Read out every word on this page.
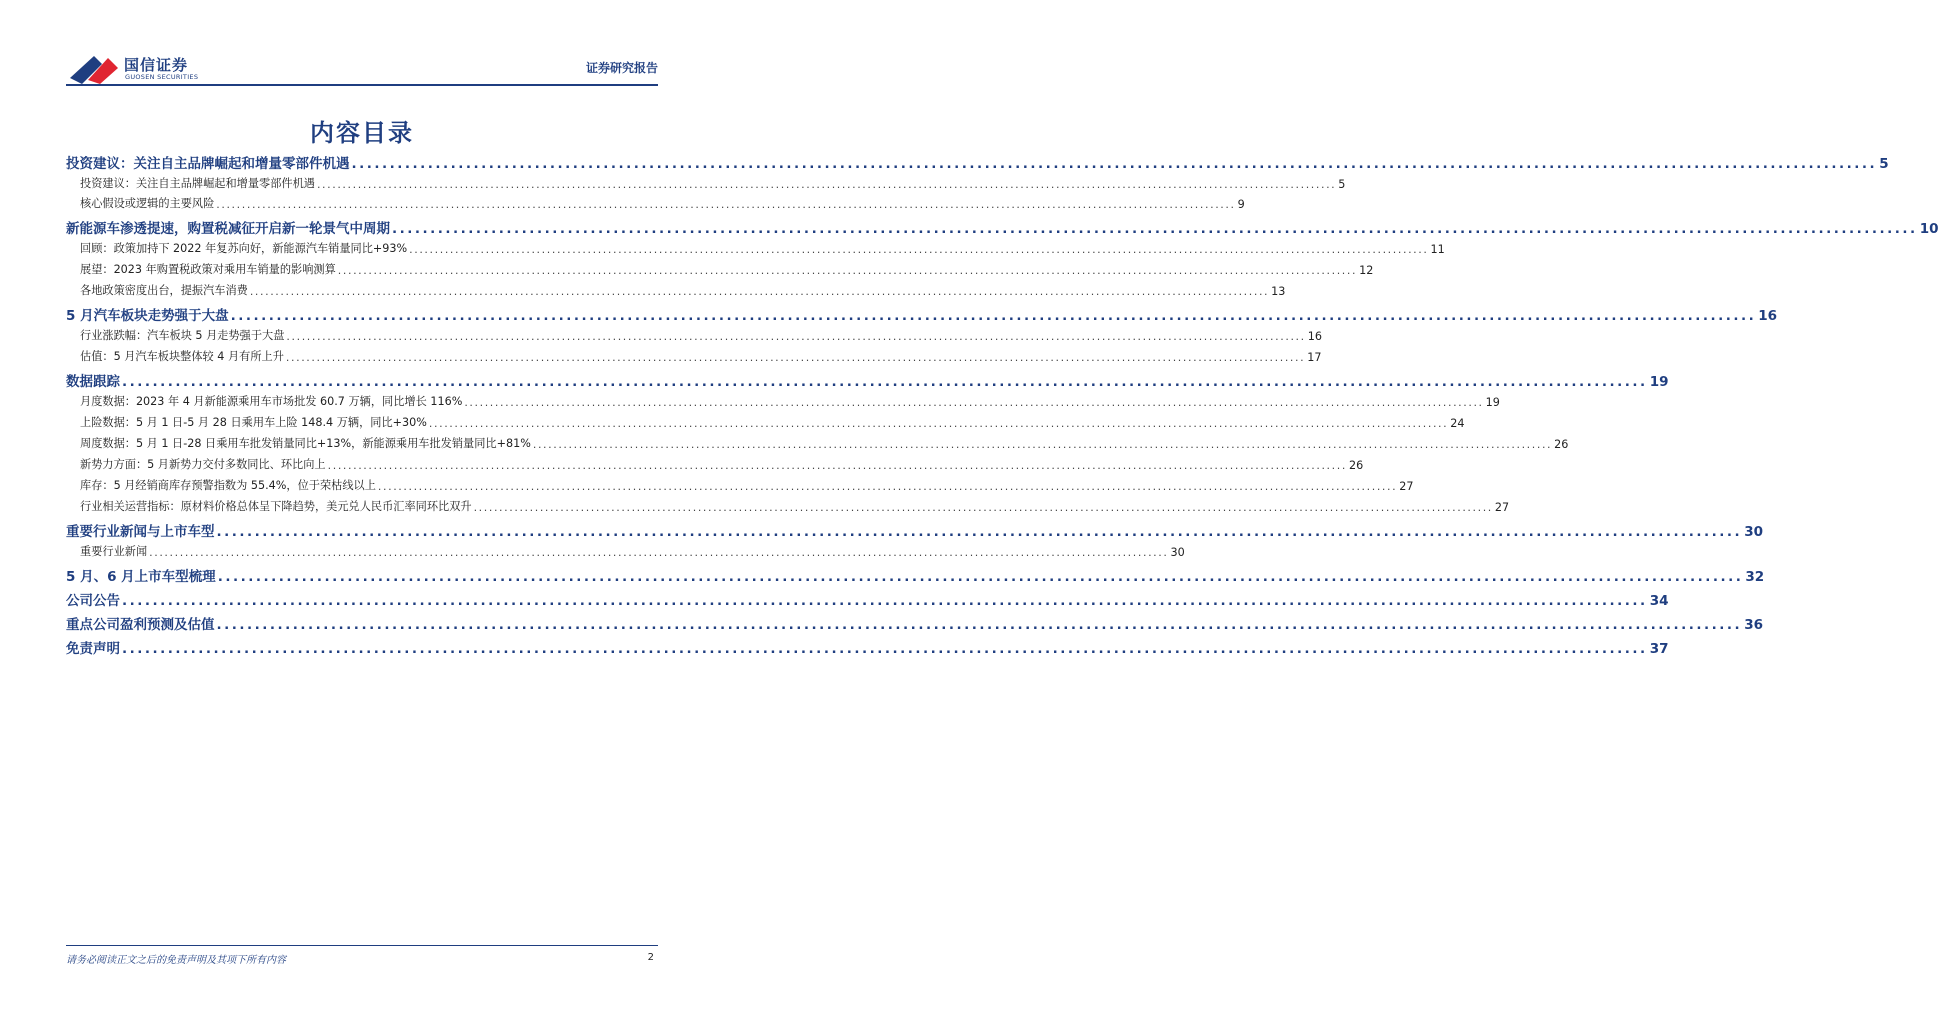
国信证券
GUOSEN SECURITIES
证券研究报告
内容目录
投资建议：关注自主品牌崛起和增量零部件机遇 ........................................................................................................................................................................................................ 5
投资建议：关注自主品牌崛起和增量零部件机遇 ........................................................................................................................................................................................................ 5
核心假设或逻辑的主要风险 ........................................................................................................................................................................................................ 9
新能源车渗透提速，购置税减征开启新一轮景气中周期 ........................................................................................................................................................................................................ 10
回顾：政策加持下 2022 年复苏向好，新能源汽车销量同比+93% ........................................................................................................................................................................................................ 11
展望：2023 年购置税政策对乘用车销量的影响测算 ........................................................................................................................................................................................................ 12
各地政策密度出台，提振汽车消费 ........................................................................................................................................................................................................ 13
5 月汽车板块走势强于大盘 ........................................................................................................................................................................................................ 16
行业涨跌幅：汽车板块 5 月走势强于大盘 ........................................................................................................................................................................................................ 16
估值：5 月汽车板块整体较 4 月有所上升 ........................................................................................................................................................................................................ 17
数据跟踪 ........................................................................................................................................................................................................ 19
月度数据：2023 年 4 月新能源乘用车市场批发 60.7 万辆，同比增长 116% ........................................................................................................................................................................................................ 19
上险数据：5 月 1 日-5 月 28 日乘用车上险 148.4 万辆，同比+30% ........................................................................................................................................................................................................ 24
周度数据：5 月 1 日-28 日乘用车批发销量同比+13%，新能源乘用车批发销量同比+81% ........................................................................................................................................................................................................ 26
新势力方面：5 月新势力交付多数同比、环比向上 ........................................................................................................................................................................................................ 26
库存：5 月经销商库存预警指数为 55.4%，位于荣枯线以上 ........................................................................................................................................................................................................ 27
行业相关运营指标：原材料价格总体呈下降趋势，美元兑人民币汇率同环比双升 ........................................................................................................................................................................................................ 27
重要行业新闻与上市车型 ........................................................................................................................................................................................................ 30
重要行业新闻 ........................................................................................................................................................................................................ 30
5 月、6 月上市车型梳理 ........................................................................................................................................................................................................ 32
公司公告 ........................................................................................................................................................................................................ 34
重点公司盈利预测及估值 ........................................................................................................................................................................................................ 36
免责声明 ........................................................................................................................................................................................................ 37
请务必阅读正文之后的免责声明及其项下所有内容	2
